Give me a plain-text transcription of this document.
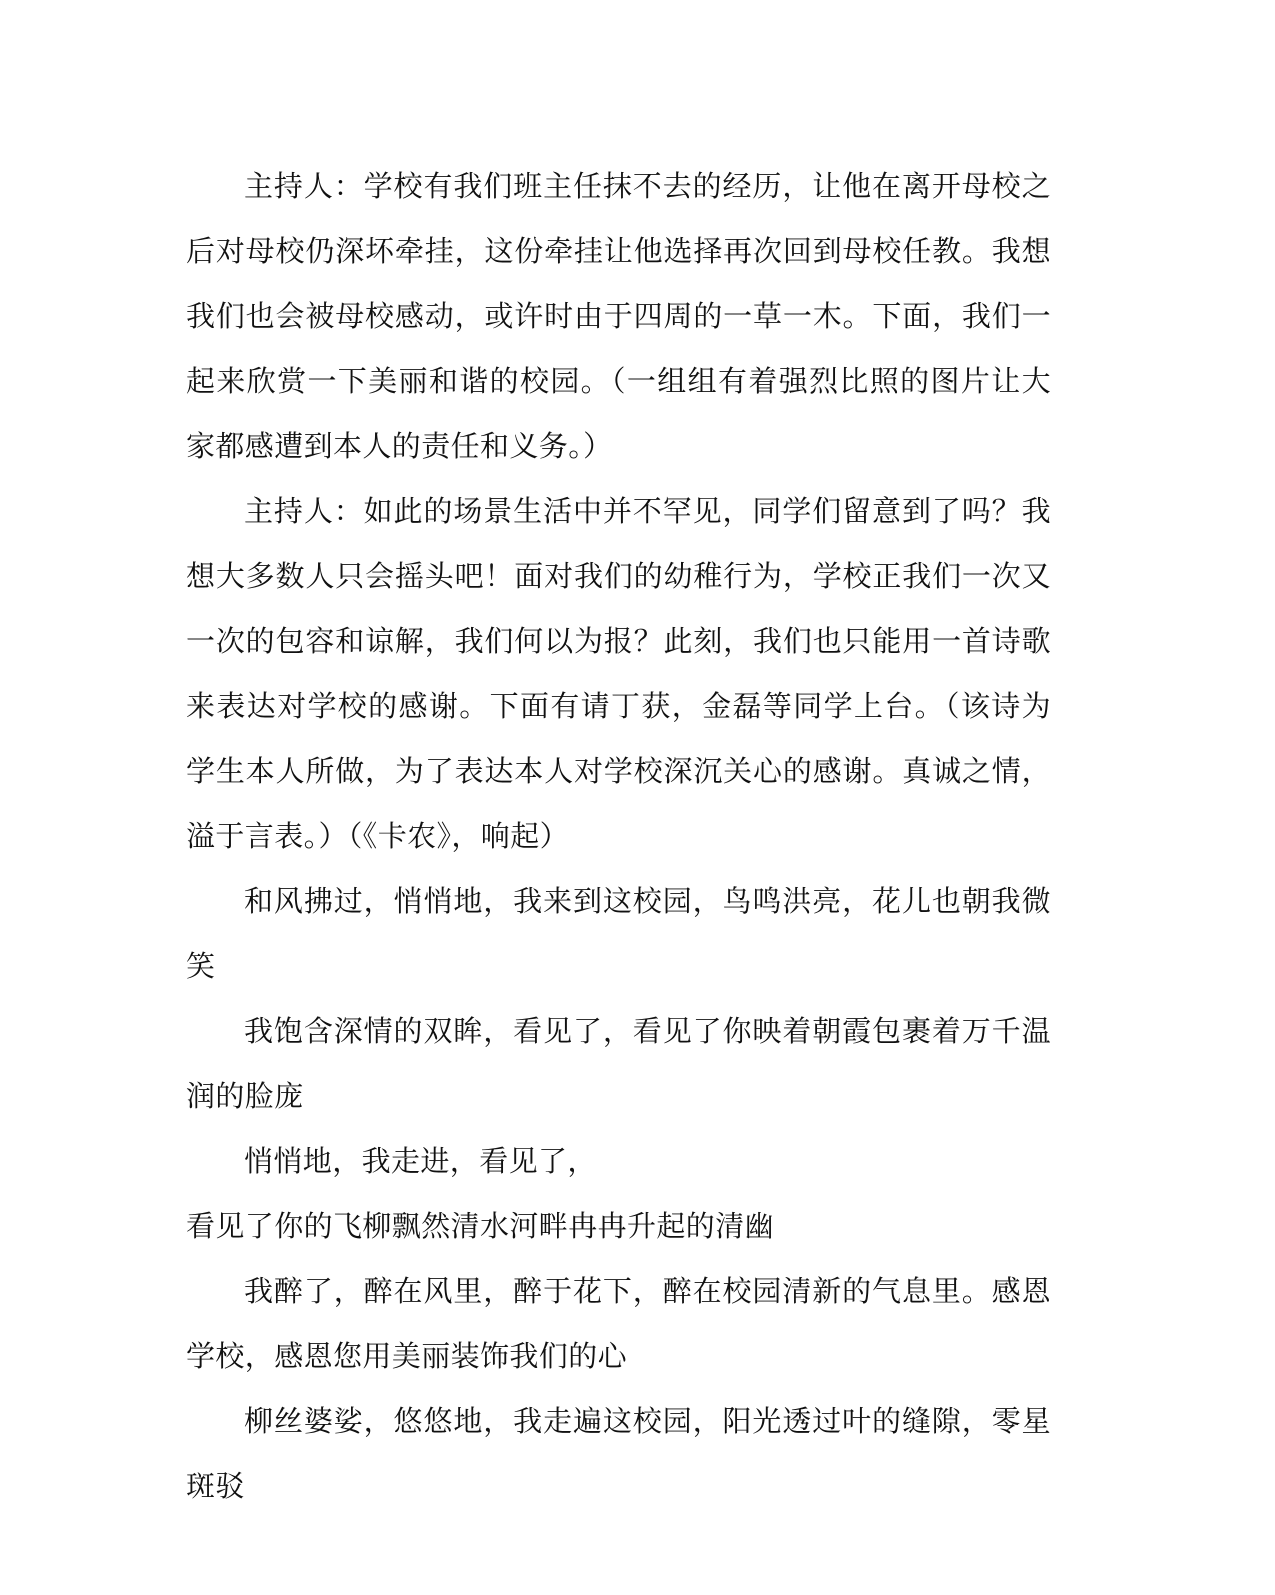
主持人：学校有我们班主任抹不去的经历，让他在离开母校之后对母校仍深坏牵挂，这份牵挂让他选择再次回到母校任教。我想我们也会被母校感动，或许时由于四周的一草一木。下面，我们一起来欣赏一下美丽和谐的校园。（一组组有着强烈比照的图片让大家都感遭到本人的责任和义务。）

主持人：如此的场景生活中并不罕见，同学们留意到了吗？我想大多数人只会摇头吧！面对我们的幼稚行为，学校正我们一次又一次的包容和谅解，我们何以为报？此刻，我们也只能用一首诗歌来表达对学校的感谢。下面有请丁获，金磊等同学上台。（该诗为学生本人所做，为了表达本人对学校深沉关心的感谢。真诚之情，溢于言表。）（《卡农》，响起）

和风拂过，悄悄地，我来到这校园，鸟鸣洪亮，花儿也朝我微笑

我饱含深情的双眸，看见了，看见了你映着朝霞包裹着万千温润的脸庞

悄悄地，我走进，看见了，

看见了你的飞柳飘然清水河畔冉冉升起的清幽

我醉了，醉在风里，醉于花下，醉在校园清新的气息里。感恩学校，感恩您用美丽装饰我们的心

柳丝婆娑，悠悠地，我走遍这校园，阳光透过叶的缝隙，零星斑驳
